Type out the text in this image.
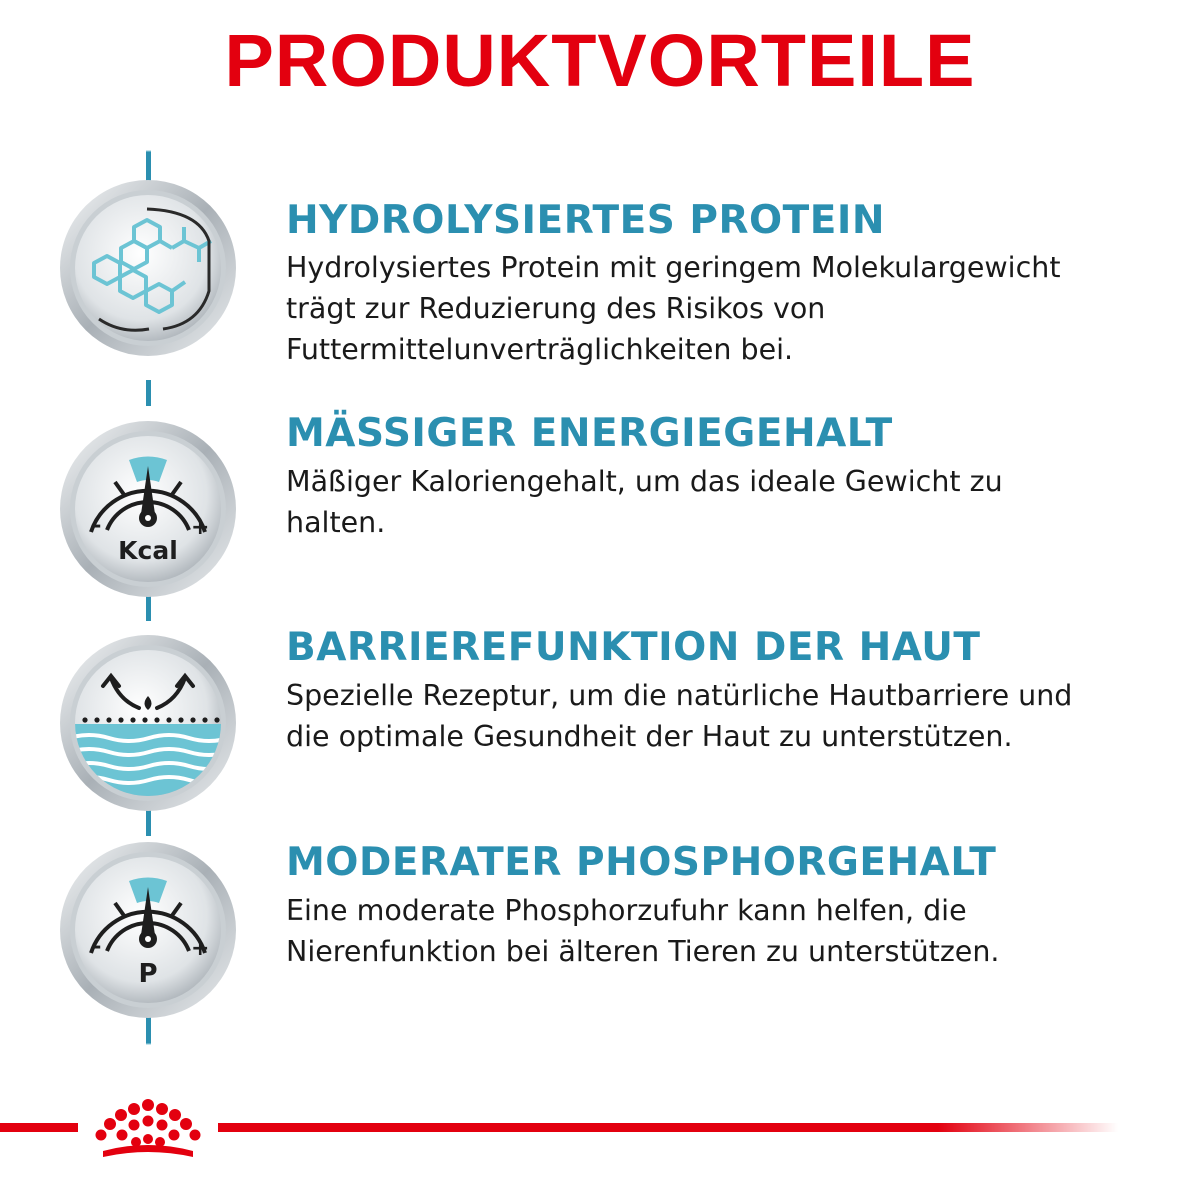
PRODUKTVORTEILE
HYDROLYSIERTES PROTEIN

Hydrolysiertes Protein mit geringem Molekulargewicht
trägt zur Reduzierung des Risikos von
Futtermittelunverträglichkeiten bei.

-	+
Kcal
MÄSSIGER ENERGIEGEHALT

Mäßiger Kaloriengehalt, um das ideale Gewicht zu
halten.

BARRIEREFUNKTION DER HAUT

Spezielle Rezeptur, um die natürliche Hautbarriere und
die optimale Gesundheit der Haut zu unterstützen.

-	+
P
MODERATER PHOSPHORGEHALT

Eine moderate Phosphorzufuhr kann helfen, die
Nierenfunktion bei älteren Tieren zu unterstützen.
